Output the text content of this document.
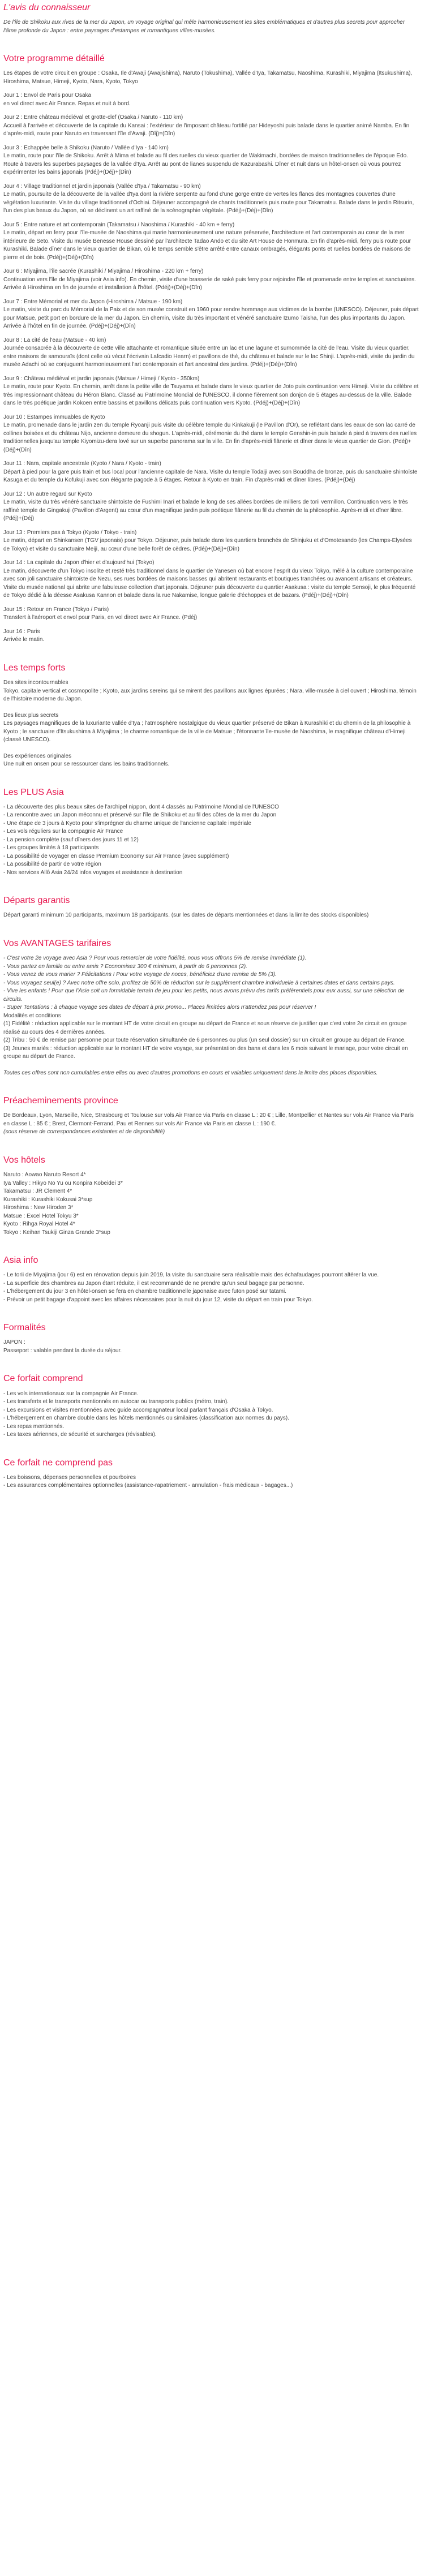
L'avis du connaisseur

De l'île de Shikoku aux rives de la mer du Japon, un voyage original qui mêle harmonieusement les sites emblématiques et d'autres plus secrets pour approcher l'âme profonde du Japon : entre paysages d'estampes et romantiques villes-musées.

Votre programme détaillé

Les étapes de votre circuit en groupe : Osaka, Ile d'Awaji (Awajishima), Naruto (Tokushima), Vallée d'Iya, Takamatsu, Naoshima, Kurashiki, Miyajima (Itsukushima), Hiroshima, Matsue, Himeji, Kyoto, Nara, Kyoto, Tokyo

Jour 1 : Envol de Paris pour Osaka
en vol direct avec Air France. Repas et nuit à bord.
Jour 2 : Entre château médiéval et grotte-clef (Osaka / Naruto - 110 km)
Accueil à l'arrivée et découverte de la capitale du Kansai : l'extérieur de l'imposant château fortifié par Hideyoshi puis balade dans le quartier animé Namba. En fin d'après-midi, route pour Naruto en traversant l'île d'Awaji. (Dîj)=(Dîn)
Jour 3 : Echappée belle à Shikoku (Naruto / Vallée d'Iya - 140 km)
Le matin, route pour l'île de Shikoku. Arrêt à Mima et balade au fil des ruelles du vieux quartier de Wakimachi, bordées de maison traditionnelles de l'époque Edo. Route à travers les superbes paysages de la vallée d'Iya. Arrêt au pont de lianes suspendu de Kazurabashi. Dîner et nuit dans un hôtel-onsen où vous pourrez expérimenter les bains japonais (Pdéj)+(Déj)+(Dîn)
Jour 4 : Village traditionnel et jardin japonais (Vallée d'Iya / Takamatsu - 90 km)
Le matin, poursuite de la découverte de la vallée d'Iya dont la rivière serpente au fond d'une gorge entre de vertes les flancs des montagnes couvertes d'une végétation luxuriante. Visite du village traditionnel d'Ochiai. Déjeuner accompagné de chants traditionnels puis route pour Takamatsu. Balade dans le jardin Ritsurin, l'un des plus beaux du Japon, où se déclinent un art raffiné de la scénographie végétale. (Pdéj)+(Déj)+(Dîn)
Jour 5 : Entre nature et art contemporain (Takamatsu / Naoshima / Kurashiki - 40 km + ferry)
Le matin, départ en ferry pour l'île-musée de Naoshima qui marie harmonieusement une nature préservée, l'architecture et l'art contemporain au cœur de la mer intérieure de Seto. Visite du musée Benesse House dessiné par l'architecte Tadao Ando et du site Art House de Honmura. En fin d'après-midi, ferry puis route pour Kurashiki. Balade dîner dans le vieux quartier de Bikan, où le temps semble s'être arrêté entre canaux ombragés, élégants ponts et ruelles bordées de maisons de pierre et de bois. (Pdéj)+(Déj)+(Dîn)
Jour 6 : Miyajima, l'île sacrée (Kurashiki / Miyajima / Hiroshima - 220 km + ferry)
Continuation vers l'île de Miyajima (voir Asia info). En chemin, visite d'une brasserie de saké puis ferry pour rejoindre l'île et promenade entre temples et sanctuaires. Arrivée à Hiroshima en fin de journée et installation à l'hôtel. (Pdéj)+(Déj)+(Dîn)
Jour 7 : Entre Mémorial et mer du Japon (Hiroshima / Matsue - 190 km)
Le matin, visite du parc du Mémorial de la Paix et de son musée construit en 1960 pour rendre hommage aux victimes de la bombe (UNESCO). Déjeuner, puis départ pour Matsue, petit port en bordure de la mer du Japon. En chemin, visite du très important et vénéré sanctuaire Izumo Taisha, l'un des plus importants du Japon. Arrivée à l'hôtel en fin de journée. (Pdéj)+(Déj)+(Dîn)
Jour 8 : La cité de l'eau (Matsue - 40 km)
Journée consacrée à la découverte de cette ville attachante et romantique située entre un lac et une lagune et surnommée la cité de l'eau. Visite du vieux quartier, entre maisons de samouraïs (dont celle où vécut l'écrivain Lafcadio Hearn) et pavillons de thé, du château et balade sur le lac Shinji. L'après-midi, visite du jardin du musée Adachi où se conjuguent harmonieusement l'art contemporain et l'art ancestral des jardins. (Pdéj)+(Déj)+(Dîn)
Jour 9 : Château médiéval et jardin japonais (Matsue / Himeji / Kyoto - 350km)
Le matin, route pour Kyoto. En chemin, arrêt dans la petite ville de Tsuyama et balade dans le vieux quartier de Joto puis continuation vers Himeji. Visite du célèbre et très impressionnant château du Héron Blanc. Classé au Patrimoine Mondial de l'UNESCO, il donne fièrement son donjon de 5 étages au-dessus de la ville. Balade dans le très poétique jardin Kokoen entre bassins et pavillons délicats puis continuation vers Kyoto. (Pdéj)+(Déj)+(Dîn)
Jour 10 : Estampes immuables de Kyoto
Le matin, promenade dans le jardin zen du temple Ryoanji puis visite du célèbre temple du Kinkakuji (le Pavillon d'Or), se reflétant dans les eaux de son lac carré de collines boisées et du château Nijo, ancienne demeure du shogun. L'après-midi, cérémonie du thé dans le temple Genshin-in puis balade à pied à travers des ruelles traditionnelles jusqu'au temple Kiyomizu-dera lové sur un superbe panorama sur la ville. En fin d'après-midi flânerie et dîner dans le vieux quartier de Gion. (Pdéj)+(Déj)+(Dîn)
Jour 11 : Nara, capitale ancestrale (Kyoto / Nara / Kyoto - train)
Départ à pied pour la gare puis train et bus local pour l'ancienne capitale de Nara. Visite du temple Todaiji avec son Bouddha de bronze, puis du sanctuaire shintoïste Kasuga et du temple du Kofukuji avec son élégante pagode à 5 étages. Retour à Kyoto en train. Fin d'après-midi et dîner libres. (Pdéj)+(Déj)
Jour 12 : Un autre regard sur Kyoto
Le matin, visite du très vénéré sanctuaire shintoïste de Fushimi Inari et balade le long de ses allées bordées de milliers de torii vermillon. Continuation vers le très raffiné temple de Gingakuji (Pavillon d'Argent) au cœur d'un magnifique jardin puis poétique flânerie au fil du chemin de la philosophie. Après-midi et dîner libre. (Pdéj)+(Déj)
Jour 13 : Premiers pas à Tokyo (Kyoto / Tokyo - train)
Le matin, départ en Shinkansen (TGV japonais) pour Tokyo. Déjeuner, puis balade dans les quartiers branchés de Shinjuku et d'Omotesando (les Champs-Elysées de Tokyo) et visite du sanctuaire Meiji, au cœur d'une belle forêt de cèdres. (Pdéj)+(Déj)+(Dîn)
Jour 14 : La capitale du Japon d'hier et d'aujourd'hui (Tokyo)
Le matin, découverte d'un Tokyo insolite et resté très traditionnel dans le quartier de Yanesen où bat encore l'esprit du vieux Tokyo, mêlé à la culture contemporaine avec son joli sanctuaire shintoïste de Nezu, ses rues bordées de maisons basses qui abritent restaurants et boutiques tranchées ou avancent artisans et créateurs. Visite du musée national qui abrite une fabuleuse collection d'art japonais. Déjeuner puis découverte du quartier Asakusa : visite du temple Sensoji, le plus fréquenté de Tokyo dédié à la déesse Asakusa Kannon et balade dans la rue Nakamise, longue galerie d'échoppes et de bazars. (Pdéj)+(Déj)+(Dîn)
Jour 15 : Retour en France (Tokyo / Paris)
Transfert à l'aéroport et envol pour Paris, en vol direct avec Air France. (Pdéj)
Jour 16 : Paris
Arrivée le matin.
Les temps forts
Des sites incontournables
Tokyo, capitale vertical et cosmopolite ; Kyoto, aux jardins sereins qui se mirent des pavillons aux lignes épurées ; Nara, ville-musée à ciel ouvert ; Hiroshima, témoin de l'histoire moderne du Japon.
Des lieux plus secrets
Les paysages magnifiques de la luxuriante vallée d'Iya ; l'atmosphère nostalgique du vieux quartier préservé de Bikan à Kurashiki et du chemin de la philosophie à Kyoto ; le sanctuaire d'Itsukushima à Miyajima ; le charme romantique de la ville de Matsue ; l'étonnante île-musée de Naoshima, le magnifique château d'Himeji (classé UNESCO).
Des expériences originales
Une nuit en onsen pour se ressourcer dans les bains traditionnels.
Les PLUS Asia
- La découverte des plus beaux sites de l'archipel nippon, dont 4 classés au Patrimoine Mondial de l'UNESCO
- La rencontre avec un Japon méconnu et préservé sur l'île de Shikoku et au fil des côtes de la mer du Japon
- Une étape de 3 jours à Kyoto pour s'imprégner du charme unique de l'ancienne capitale impériale
- Les vols réguliers sur la compagnie Air France
- La pension complète (sauf dîners des jours 11 et 12)
- Les groupes limités à 18 participants
- La possibilité de voyager en classe Premium Economy sur Air France (avec supplément)
- La possibilité de partir de votre région
- Nos services Allô Asia 24/24 infos voyages et assistance à destination
Départs garantis

Départ garanti minimum 10 participants, maximum 18 participants. (sur les dates de départs mentionnées et dans la limite des stocks disponibles)

Vos AVANTAGES tarifaires
- C'est votre 2e voyage avec Asia ? Pour vous remercier de votre fidélité, nous vous offrons 5% de remise immédiate (1).
- Vous partez en famille ou entre amis ? Economisez 300 € minimum, à partir de 6 personnes (2).
- Vous venez de vous marier ? Félicitations ! Pour votre voyage de noces, bénéficiez d'une remise de 5% (3).
- Vous voyagez seul(e) ? Avec notre offre solo, profitez de 50% de réduction sur le supplément chambre individuelle à certaines dates et dans certains pays.
- Vive les enfants ! Pour que l'Asie soit un formidable terrain de jeu pour les petits, nous avons prévu des tarifs préférentiels pour eux aussi, sur une sélection de circuits.
- Super Tentations : à chaque voyage ses dates de départ à prix promo... Places limitées alors n'attendez pas pour réserver !
Modalités et conditions
(1) Fidélité : réduction applicable sur le montant HT de votre circuit en groupe au départ de France et sous réserve de justifier que c'est votre 2e circuit en groupe réalisé au cours des 4 dernières années.
(2) Tribu : 50 € de remise par personne pour toute réservation simultanée de 6 personnes ou plus (un seul dossier) sur un circuit en groupe au départ de France.
(3) Jeunes mariés : réduction applicable sur le montant HT de votre voyage, sur présentation des bans et dans les 6 mois suivant le mariage, pour votre circuit en groupe au départ de France.

Toutes ces offres sont non cumulables entre elles ou avec d'autres promotions en cours et valables uniquement dans la limite des places disponibles.

Préacheminements province

De Bordeaux, Lyon, Marseille, Nice, Strasbourg et Toulouse sur vols Air France via Paris en classe L : 20 € ; Lille, Montpellier et Nantes sur vols Air France via Paris en classe L : 85 € ; Brest, Clermont-Ferrand, Pau et Rennes sur vols Air France via Paris en classe L : 190 €.

(sous réserve de correspondances existantes et de disponibilité)

Vos hôtels
Naruto : Aowao Naruto Resort 4*
Iya Valley : Hikyo No Yu ou Konpira Kobeidei 3*
Takamatsu : JR Clement 4*
Kurashiki : Kurashiki Kokusai 3*sup
Hiroshima : New Hiroden 3*
Matsue : Excel Hotel Tokyu 3*
Kyoto : Rihga Royal Hotel 4*
Tokyo : Keihan Tsukiji Ginza Grande 3*sup
Asia info
- Le torii de Miyajima (jour 6) est en rénovation depuis juin 2019, la visite du sanctuaire sera réalisable mais des échafaudages pourront altérer la vue.
- La superficie des chambres au Japon étant réduite, il est recommandé de ne prendre qu'un seul bagage par personne.
- L'hébergement du jour 3 en hôtel-onsen se fera en chambre traditionnelle japonaise avec futon posé sur tatami.
- Prévoir un petit bagage d'appoint avec les affaires nécessaires pour la nuit du jour 12, visite du départ en train pour Tokyo.
Formalités
JAPON :
Passeport : valable pendant la durée du séjour.
Ce forfait comprend
- Les vols internationaux sur la compagnie Air France.
- Les transferts et le transports mentionnés en autocar ou transports publics (métro, train).
- Les excursions et visites mentionnées avec guide accompagnateur local parlant français d'Osaka à Tokyo.
- L'hébergement en chambre double dans les hôtels mentionnés ou similaires (classification aux normes du pays).
- Les repas mentionnés.
- Les taxes aériennes, de sécurité et surcharges (révisables).
Ce forfait ne comprend pas
- Les boissons, dépenses personnelles et pourboires
- Les assurances complémentaires optionnelles (assistance-rapatriement - annulation - frais médicaux - bagages...)
